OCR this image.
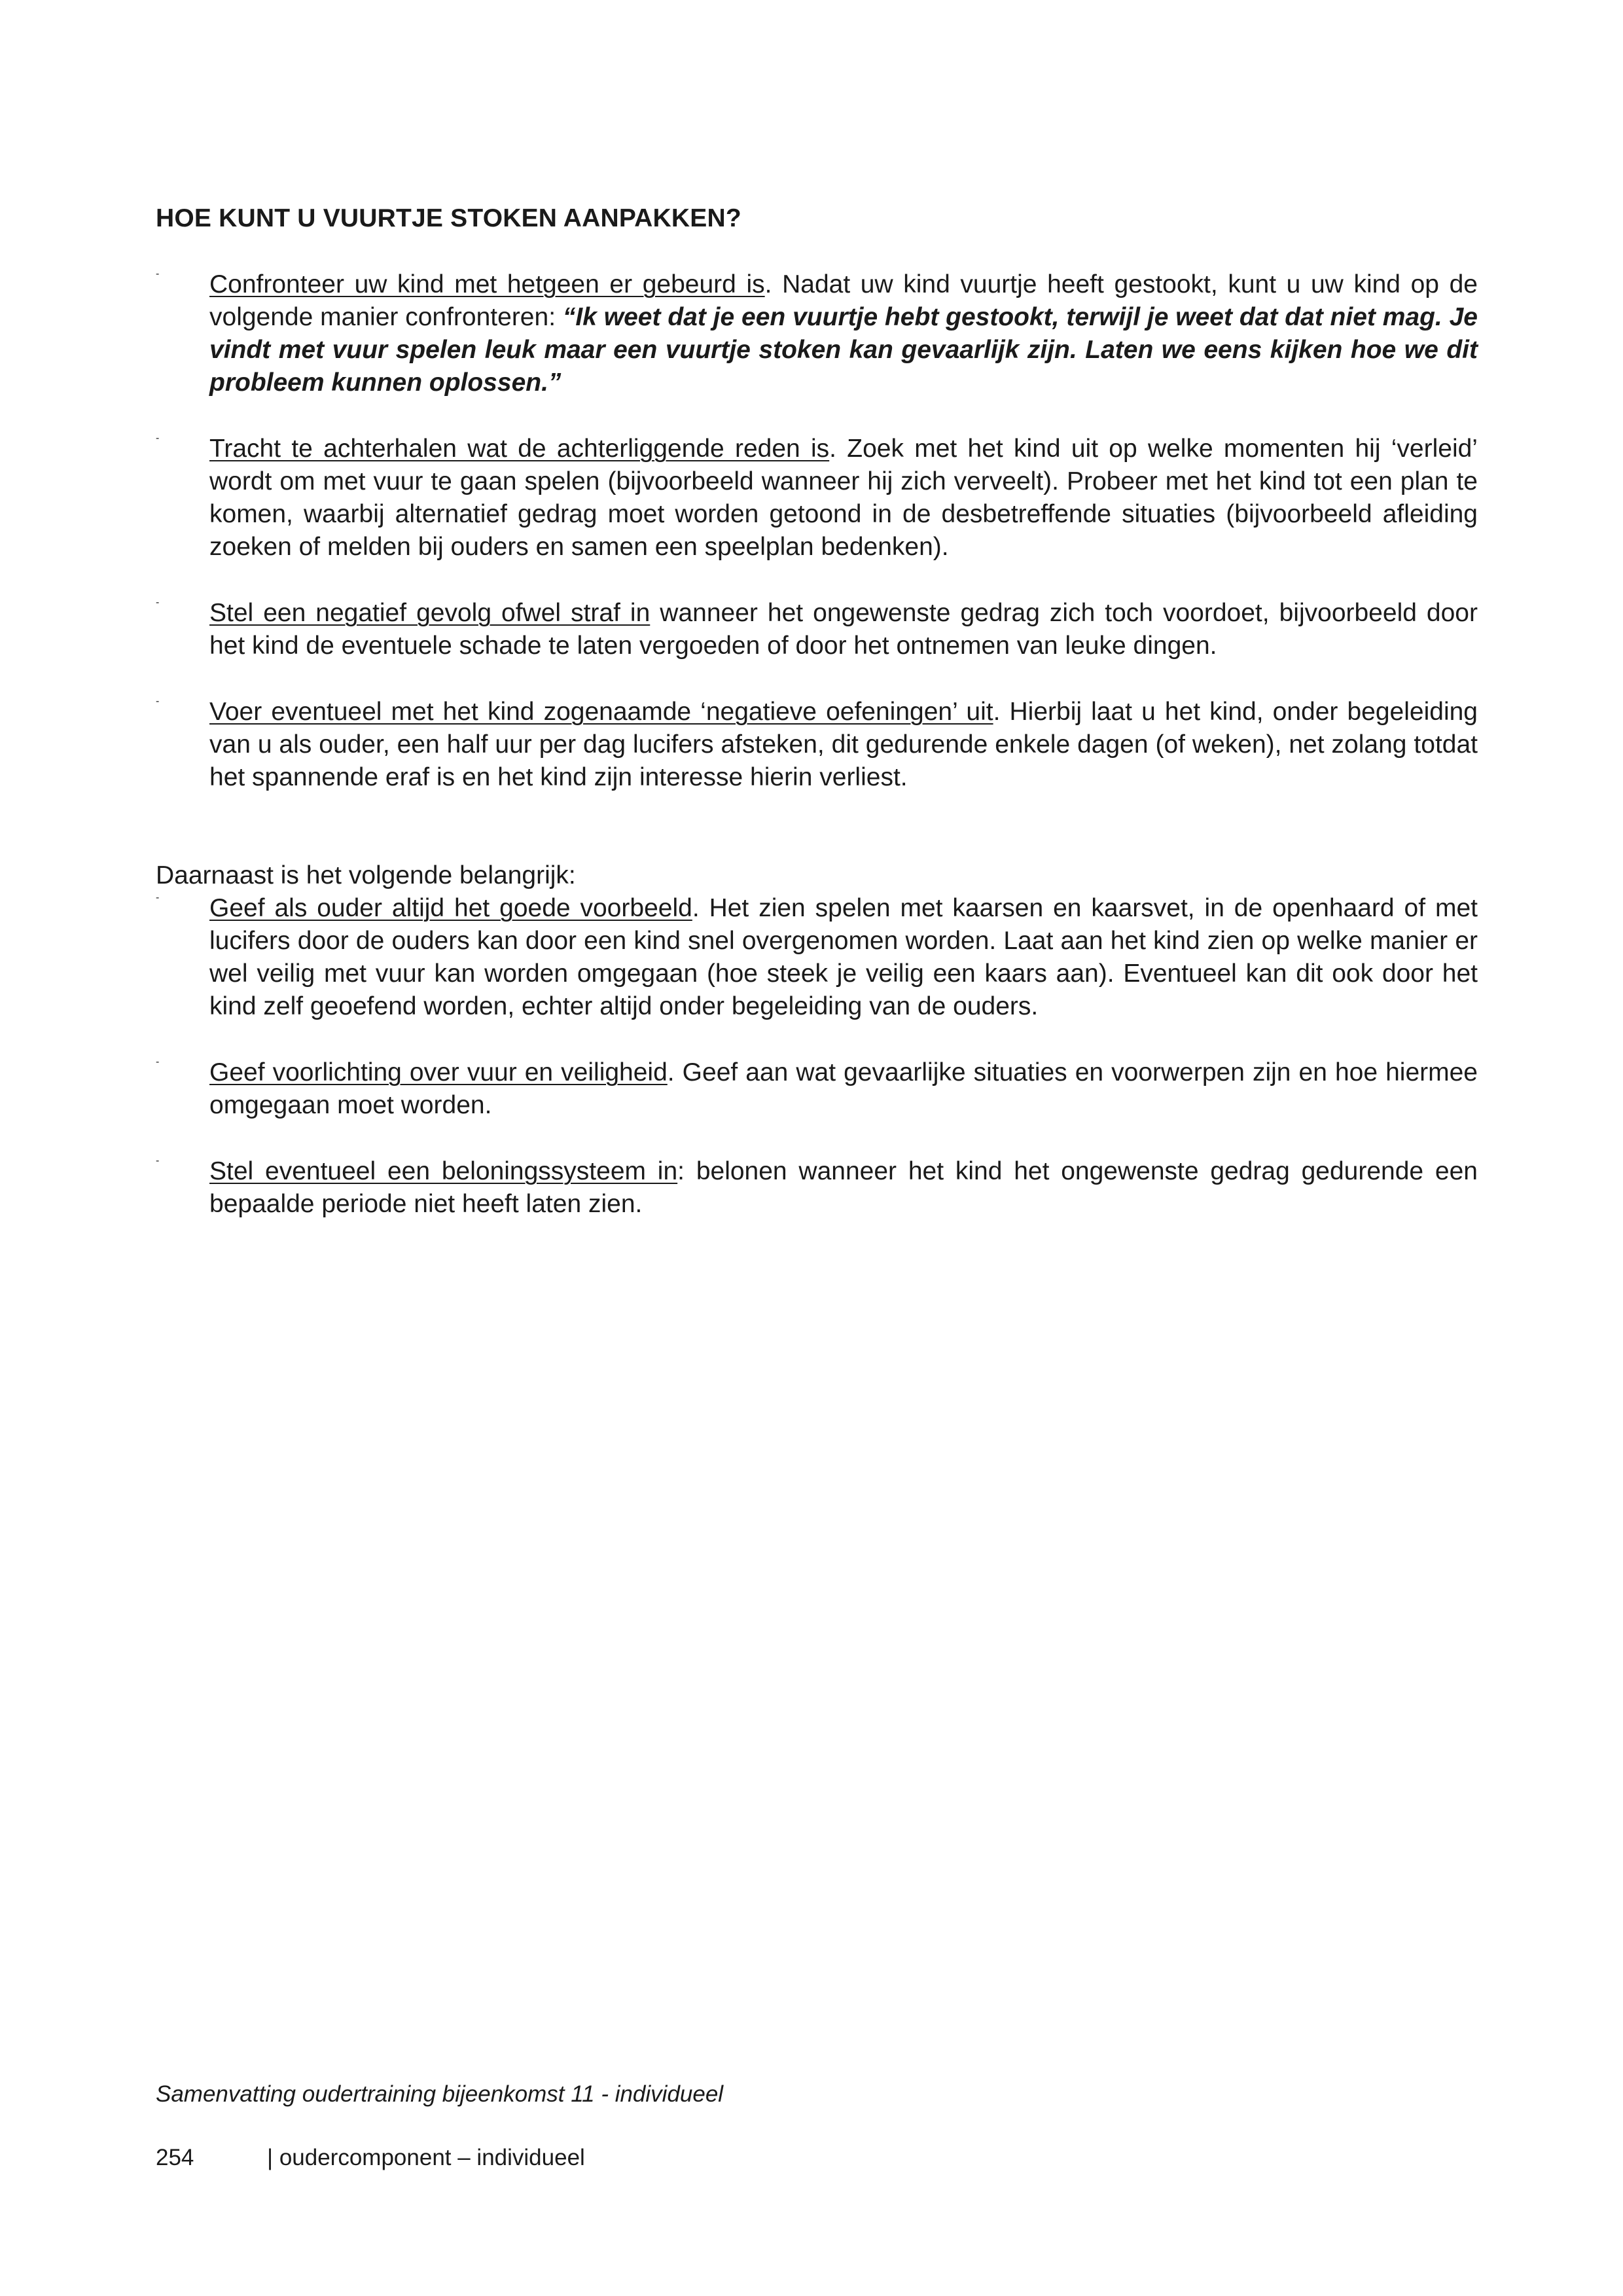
HOE KUNT U VUURTJE STOKEN AANPAKKEN?
- Confronteer uw kind met hetgeen er gebeurd is. Nadat uw kind vuurtje heeft gestookt, kunt u uw kind op de volgende manier confronteren: “Ik weet dat je een vuurtje hebt gestookt, terwijl je weet dat dat niet mag. Je vindt met vuur spelen leuk maar een vuurtje stoken kan gevaarlijk zijn. Laten we eens kijken hoe we dit probleem kunnen oplossen.”

- Tracht te achterhalen wat de achterliggende reden is. Zoek met het kind uit op welke momenten hij ‘verleid’ wordt om met vuur te gaan spelen (bijvoorbeeld wanneer hij zich verveelt). Probeer met het kind tot een plan te komen, waarbij alternatief gedrag moet worden getoond in de desbetreffende situaties (bijvoorbeeld afleiding zoeken of melden bij ouders en samen een speelplan bedenken).

- Stel een negatief gevolg ofwel straf in wanneer het ongewenste gedrag zich toch voordoet, bijvoorbeeld door het kind de eventuele schade te laten vergoeden of door het ontnemen van leuke dingen.

- Voer eventueel met het kind zogenaamde ‘negatieve oefeningen’ uit. Hierbij laat u het kind, onder begeleiding van u als ouder, een half uur per dag lucifers afsteken, dit gedurende enkele dagen (of weken), net zolang totdat het spannende eraf is en het kind zijn interesse hierin verliest.

Daarnaast is het volgende belangrijk:

- Geef als ouder altijd het goede voorbeeld. Het zien spelen met kaarsen en kaarsvet, in de openhaard of met lucifers door de ouders kan door een kind snel overgenomen worden. Laat aan het kind zien op welke manier er wel veilig met vuur kan worden omgegaan (hoe steek je veilig een kaars aan). Eventueel kan dit ook door het kind zelf geoefend worden, echter altijd onder begeleiding van de ouders.

- Geef voorlichting over vuur en veiligheid. Geef aan wat gevaarlijke situaties en voorwerpen zijn en hoe hiermee omgegaan moet worden.

- Stel eventueel een beloningssysteem in: belonen wanneer het kind het ongewenste gedrag gedurende een bepaalde periode niet heeft laten zien.

Samenvatting oudertraining bijeenkomst 11 - individueel

254	| oudercomponent – individueel
